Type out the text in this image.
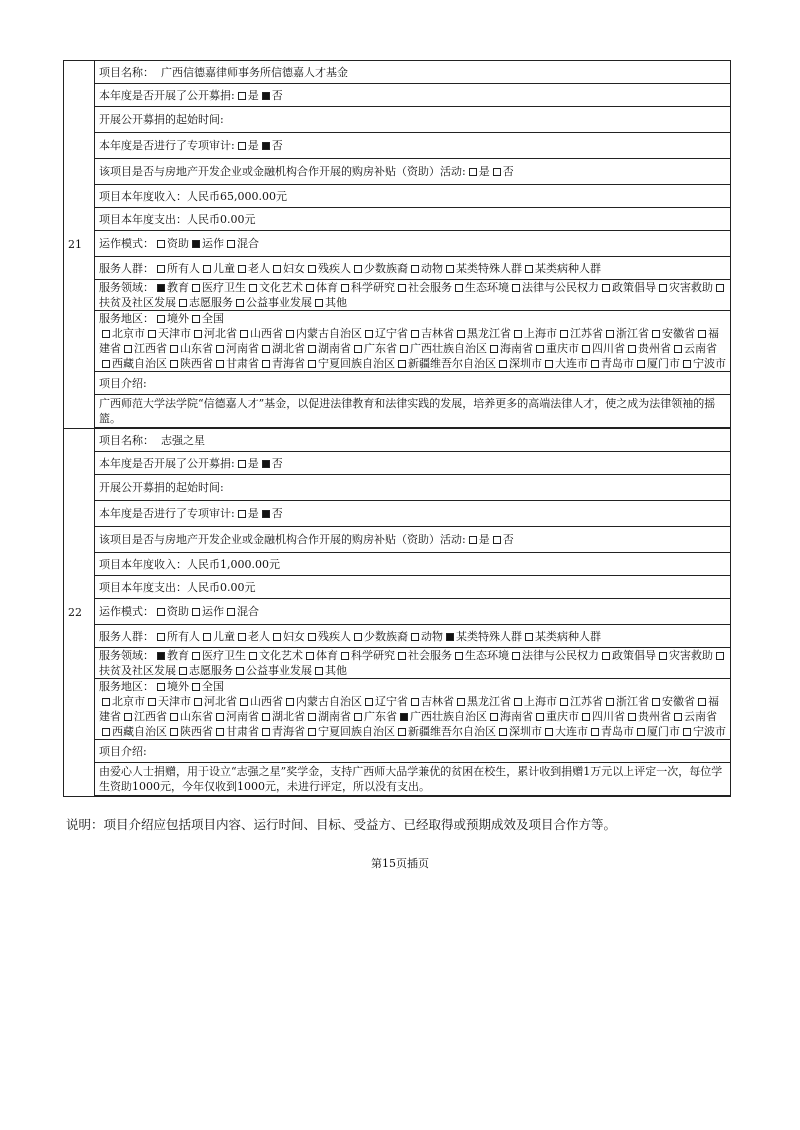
21	项目名称： 广西信德嘉律师事务所信德嘉人才基金
	本年度是否开展了公开募捐: 是 否
	开展公开募捐的起始时间:
	本年度是否进行了专项审计: 是 否
	该项目是否与房地产开发企业或金融机构合作开展的购房补贴（资助）活动: 是 否
	项目本年度收入：人民币65,000.00元
	项目本年度支出：人民币0.00元
	运作模式： 资助 运作 混合
	服务人群： 所有人 儿童 老人 妇女 残疾人 少数族裔 动物 某类特殊人群 某类病种人群
	服务领域： 教育 医疗卫生 文化艺术 体育 科学研究 社会服务 生态环境 法律与公民权力 政策倡导 灾害救助扶贫及社区发展 志愿服务 公益事业发展 其他
	服务地区： 境外 全国
北京市 天津市 河北省 山西省 内蒙古自治区 辽宁省 吉林省 黑龙江省 上海市 江苏省 浙江省 安徽省 福建省 江西省 山东省 河南省 湖北省 湖南省 广东省 广西壮族自治区 海南省 重庆市 四川省 贵州省 云南省西藏自治区 陕西省 甘肃省 青海省 宁夏回族自治区 新疆维吾尔自治区 深圳市 大连市 青岛市 厦门市 宁波市
	项目介绍:
	广西师范大学法学院“信德嘉人才”基金，以促进法律教育和法律实践的发展，培养更多的高端法律人才，使之成为法律领袖的摇篮。

22	项目名称： 志强之星
	本年度是否开展了公开募捐: 是 否
	开展公开募捐的起始时间:
	本年度是否进行了专项审计: 是 否
	该项目是否与房地产开发企业或金融机构合作开展的购房补贴（资助）活动: 是 否
	项目本年度收入：人民币1,000.00元
	项目本年度支出：人民币0.00元
	运作模式： 资助 运作 混合
	服务人群： 所有人 儿童 老人 妇女 残疾人 少数族裔 动物 某类特殊人群 某类病种人群
	服务领域： 教育 医疗卫生 文化艺术 体育 科学研究 社会服务 生态环境 法律与公民权力 政策倡导 灾害救助扶贫及社区发展 志愿服务 公益事业发展 其他
	服务地区： 境外 全国
北京市 天津市 河北省 山西省 内蒙古自治区 辽宁省 吉林省 黑龙江省 上海市 江苏省 浙江省 安徽省 福建省 江西省 山东省 河南省 湖北省 湖南省 广东省 广西壮族自治区 海南省 重庆市 四川省 贵州省 云南省西藏自治区 陕西省 甘肃省 青海省 宁夏回族自治区 新疆维吾尔自治区 深圳市 大连市 青岛市 厦门市 宁波市
	项目介绍:
	由爱心人士捐赠，用于设立“志强之星”奖学金，支持广西师大品学兼优的贫困在校生，累计收到捐赠1万元以上评定一次，每位学生资助1000元，今年仅收到1000元，未进行评定，所以没有支出。

说明：项目介绍应包括项目内容、运行时间、目标、受益方、已经取得或预期成效及项目合作方等。
第15页插页
